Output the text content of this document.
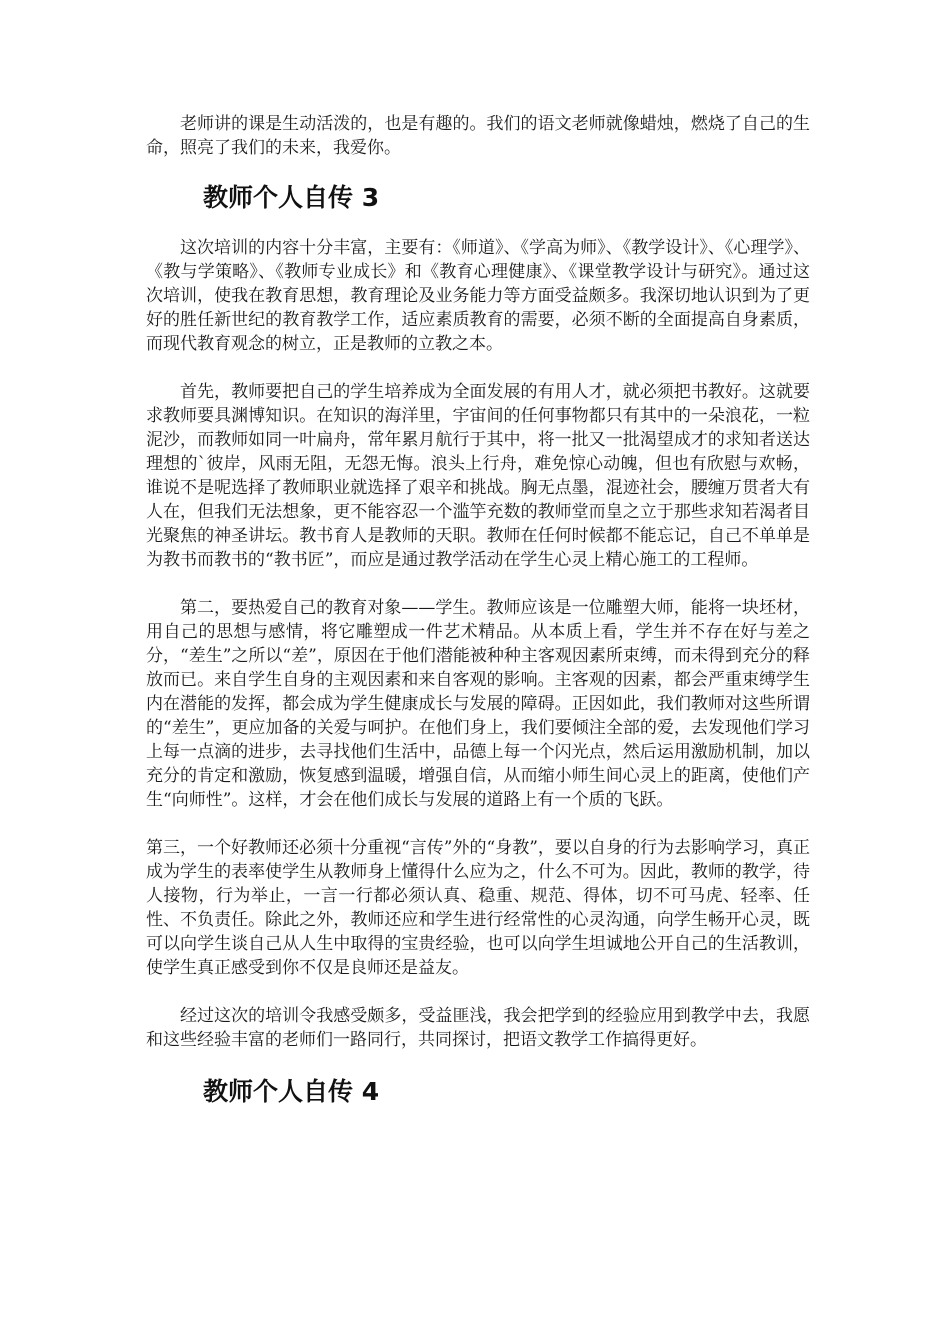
老师讲的课是生动活泼的，也是有趣的。我们的语文老师就像蜡烛，燃烧了自己的生命，照亮了我们的未来，我爱你。

教师个人自传 3

这次培训的内容十分丰富，主要有：《师道》、《学高为师》、《教学设计》、《心理学》、《教与学策略》、《教师专业成长》和《教育心理健康》、《课堂教学设计与研究》。通过这次培训，使我在教育思想，教育理论及业务能力等方面受益颇多。我深切地认识到为了更好的胜任新世纪的教育教学工作，适应素质教育的需要，必须不断的全面提高自身素质，而现代教育观念的树立，正是教师的立教之本。

首先，教师要把自己的学生培养成为全面发展的有用人才，就必须把书教好。这就要求教师要具渊博知识。在知识的海洋里，宇宙间的任何事物都只有其中的一朵浪花，一粒泥沙，而教师如同一叶扁舟，常年累月航行于其中，将一批又一批渴望成才的求知者送达理想的`彼岸，风雨无阻，无怨无悔。浪头上行舟，难免惊心动魄，但也有欣慰与欢畅，谁说不是呢选择了教师职业就选择了艰辛和挑战。胸无点墨，混迹社会，腰缠万贯者大有人在，但我们无法想象，更不能容忍一个滥竽充数的教师堂而皇之立于那些求知若渴者目光聚焦的神圣讲坛。教书育人是教师的天职。教师在任何时候都不能忘记，自己不单单是为教书而教书的“教书匠”，而应是通过教学活动在学生心灵上精心施工的工程师。

第二，要热爱自己的教育对象——学生。教师应该是一位雕塑大师，能将一块坯材，用自己的思想与感情，将它雕塑成一件艺术精品。从本质上看，学生并不存在好与差之分，“差生”之所以“差”，原因在于他们潜能被种种主客观因素所束缚，而未得到充分的释放而已。来自学生自身的主观因素和来自客观的影响。主客观的因素，都会严重束缚学生内在潜能的发挥，都会成为学生健康成长与发展的障碍。正因如此，我们教师对这些所谓的“差生”，更应加备的关爱与呵护。在他们身上，我们要倾注全部的爱，去发现他们学习上每一点滴的进步，去寻找他们生活中，品德上每一个闪光点，然后运用激励机制，加以充分的肯定和激励，恢复感到温暖，增强自信，从而缩小师生间心灵上的距离，使他们产生“向师性”。这样，才会在他们成长与发展的道路上有一个质的飞跃。

第三，一个好教师还必须十分重视“言传”外的“身教”，要以自身的行为去影响学习，真正成为学生的表率使学生从教师身上懂得什么应为之，什么不可为。因此，教师的教学，待人接物，行为举止，一言一行都必须认真、稳重、规范、得体，切不可马虎、轻率、任性、不负责任。除此之外，教师还应和学生进行经常性的心灵沟通，向学生畅开心灵，既可以向学生谈自己从人生中取得的宝贵经验，也可以向学生坦诚地公开自己的生活教训，使学生真正感受到你不仅是良师还是益友。

经过这次的培训令我感受颇多，受益匪浅，我会把学到的经验应用到教学中去，我愿和这些经验丰富的老师们一路同行，共同探讨，把语文教学工作搞得更好。

教师个人自传 4
